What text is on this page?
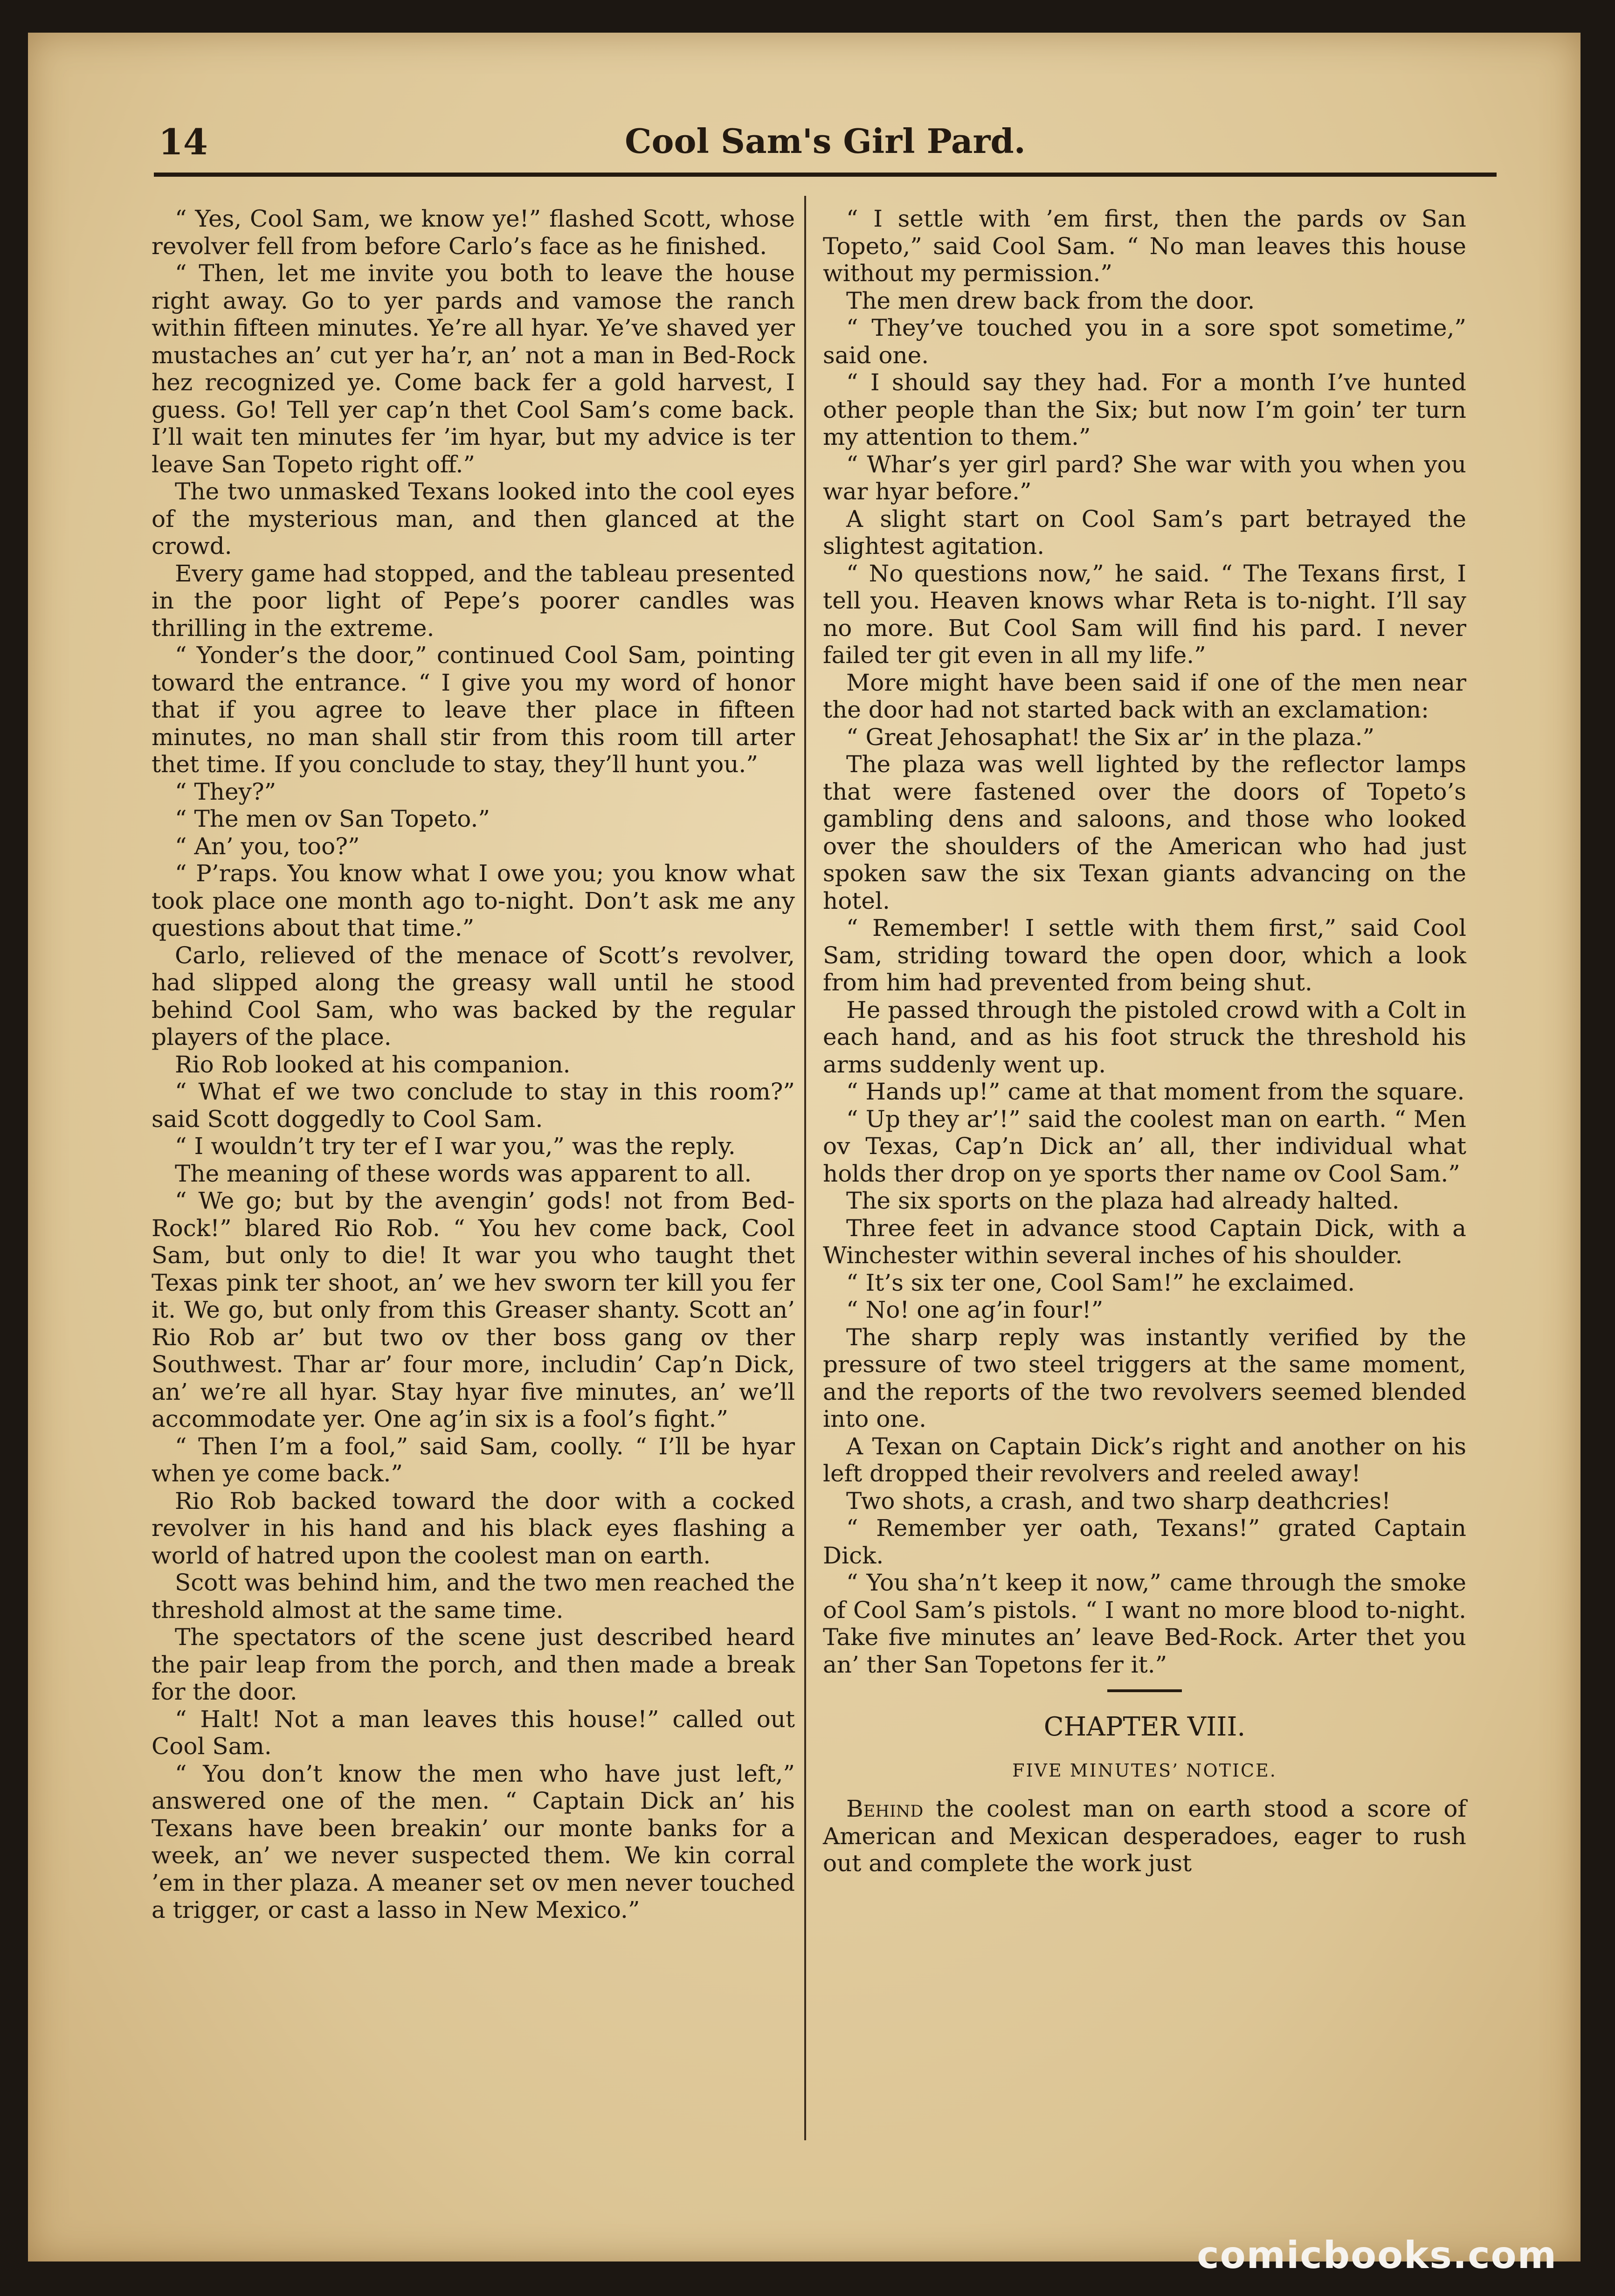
14	Cool Sam's Girl Pard.

“ Yes, Cool Sam, we know ye!” flashed Scott, whose revolver fell from before Carlo’s face as he finished.

“ Then, let me invite you both to leave the house right away. Go to yer pards and vamose the ranch within fifteen minutes. Ye’re all hyar. Ye’ve shaved yer mustaches an’ cut yer ha’r, an’ not a man in Bed-Rock hez recognized ye. Come back fer a gold harvest, I guess. Go! Tell yer cap’n thet Cool Sam’s come back. I’ll wait ten minutes fer ’im hyar, but my advice is ter leave San Topeto right off.”

The two unmasked Texans looked into the cool eyes of the mysterious man, and then glanced at the crowd.

Every game had stopped, and the tableau presented in the poor light of Pepe’s poorer candles was thrilling in the extreme.

“ Yonder’s the door,” continued Cool Sam, pointing toward the entrance. “ I give you my word of honor that if you agree to leave ther place in fifteen minutes, no man shall stir from this room till arter thet time. If you conclude to stay, they’ll hunt you.”

“ They?”

“ The men ov San Topeto.”

“ An’ you, too?”

“ P’raps. You know what I owe you; you know what took place one month ago to-night. Don’t ask me any questions about that time.”

Carlo, relieved of the menace of Scott’s revolver, had slipped along the greasy wall until he stood behind Cool Sam, who was backed by the regular players of the place.

Rio Rob looked at his companion.

“ What ef we two conclude to stay in this room?” said Scott doggedly to Cool Sam.

“ I wouldn’t try ter ef I war you,” was the reply.

The meaning of these words was apparent to all.

“ We go; but by the avengin’ gods! not from Bed- Rock!” blared Rio Rob. “ You hev come back, Cool Sam, but only to die! It war you who taught thet Texas pink ter shoot, an’ we hev sworn ter kill you fer it. We go, but only from this Greaser shanty. Scott an’ Rio Rob ar’ but two ov ther boss gang ov ther Southwest. Thar ar’ four more, includin’ Cap’n Dick, an’ we’re all hyar. Stay hyar five minutes, an’ we’ll accommodate yer. One ag’in six is a fool’s fight.”

“ Then I’m a fool,” said Sam, coolly. “ I’ll be hyar when ye come back.”

Rio Rob backed toward the door with a cocked revolver in his hand and his black eyes flashing a world of hatred upon the coolest man on earth.

Scott was behind him, and the two men reached the threshold almost at the same time.

The spectators of the scene just described heard the pair leap from the porch, and then made a break for the door.

“ Halt! Not a man leaves this house!” called out Cool Sam.

“ You don’t know the men who have just left,” answered one of the men. “ Captain Dick an’ his Texans have been breakin’ our monte banks for a week, an’ we never suspected them. We kin corral ’em in ther plaza. A meaner set ov men never touched a trigger, or cast a lasso in New Mexico.”

“ I settle with ’em first, then the pards ov San Topeto,” said Cool Sam. “ No man leaves this house without my permission.”

The men drew back from the door.

“ They’ve touched you in a sore spot sometime,” said one.

“ I should say they had. For a month I’ve hunted other people than the Six; but now I’m goin’ ter turn my attention to them.”

“ Whar’s yer girl pard? She war with you when you war hyar before.”

A slight start on Cool Sam’s part betrayed the slightest agitation.

“ No questions now,” he said. “ The Texans first, I tell you. Heaven knows whar Reta is to-night. I’ll say no more. But Cool Sam will find his pard. I never failed ter git even in all my life.”

More might have been said if one of the men near the door had not started back with an exclamation:

“ Great Jehosaphat! the Six ar’ in the plaza.”

The plaza was well lighted by the reflector lamps that were fastened over the doors of Topeto’s gambling dens and saloons, and those who looked over the shoulders of the American who had just spoken saw the six Texan giants advancing on the hotel.

“ Remember! I settle with them first,” said Cool Sam, striding toward the open door, which a look from him had prevented from being shut.

He passed through the pistoled crowd with a Colt in each hand, and as his foot struck the threshold his arms suddenly went up.

“ Hands up!” came at that moment from the square.

“ Up they ar’!” said the coolest man on earth. “ Men ov Texas, Cap’n Dick an’ all, ther individual what holds ther drop on ye sports ther name ov Cool Sam.”

The six sports on the plaza had already halted.

Three feet in advance stood Captain Dick, with a Winchester within several inches of his shoulder.

“ It’s six ter one, Cool Sam!” he exclaimed.

“ No! one ag’in four!”

The sharp reply was instantly verified by the pressure of two steel triggers at the same moment, and the reports of the two revolvers seemed blended into one.

A Texan on Captain Dick’s right and another on his left dropped their revolvers and reeled away!

Two shots, a crash, and two sharp deathcries!

“ Remember yer oath, Texans!” grated Captain Dick.

“ You sha’n’t keep it now,” came through the smoke of Cool Sam’s pistols. “ I want no more blood to-night. Take five minutes an’ leave Bed-Rock. Arter thet you an’ ther San Topetons fer it.”

CHAPTER VIII.

FIVE MINUTES’ NOTICE.

Behind the coolest man on earth stood a score of American and Mexican desperadoes, eager to rush out and complete the work just

comicbooks.com
